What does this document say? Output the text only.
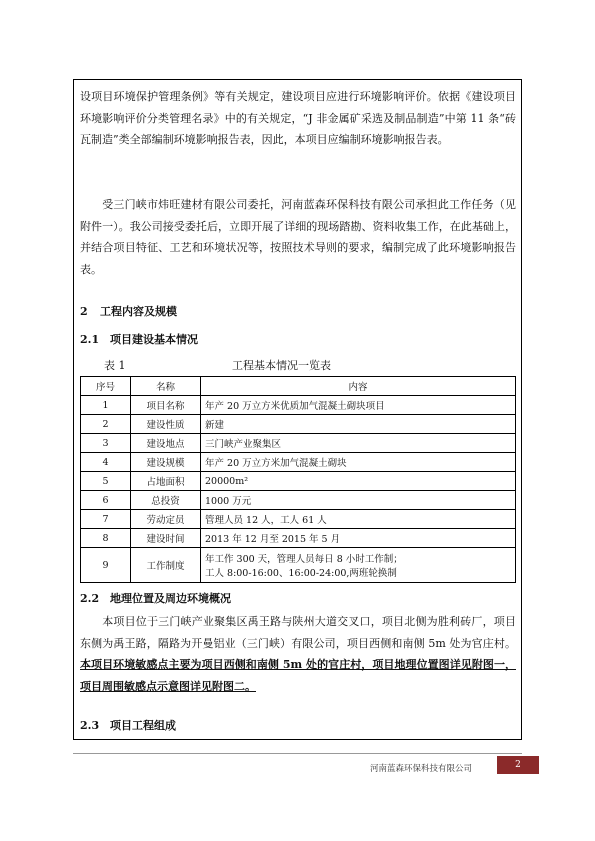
设项目环境保护管理条例》等有关规定，建设项目应进行环境影响评价。依据《建设项目环境影响评价分类管理名录》中的有关规定，“J 非金属矿采选及制品制造”中第 11 条“砖瓦制造”类全部编制环境影响报告表，因此，本项目应编制环境影响报告表。

受三门峡市炜旺建材有限公司委托，河南蓝森环保科技有限公司承担此工作任务（见附件一）。我公司接受委托后，立即开展了详细的现场踏勘、资料收集工作，在此基础上，并结合项目特征、工艺和环境状况等，按照技术导则的要求，编制完成了此环境影响报告表。

2 工程内容及规模
2.1 项目建设基本情况
表 1	工程基本情况一览表
序号	名称	内容
1	项目名称	年产 20 万立方米优质加气混凝土砌块项目
2	建设性质	新建
3	建设地点	三门峡产业聚集区
4	建设规模	年产 20 万立方米加气混凝土砌块
5	占地面积	20000m²
6	总投资	1000 万元
7	劳动定员	管理人员 12 人，工人 61 人
8	建设时间	2013 年 12 月至 2015 年 5 月
9	工作制度	年工作 300 天，管理人员每日 8 小时工作制；
工人 8:00-16:00、16:00-24:00,两班轮换制
2.2 地理位置及周边环境概况

本项目位于三门峡产业聚集区禹王路与陕州大道交叉口，项目北侧为胜利砖厂，项目东侧为禹王路，隔路为开曼铝业（三门峡）有限公司，项目西侧和南侧 5m 处为官庄村。本项目环境敏感点主要为项目西侧和南侧 5m 处的官庄村，项目地理位置图详见附图一，项目周围敏感点示意图详见附图二。

2.3 项目工程组成
河南蓝森环保科技有限公司	2
